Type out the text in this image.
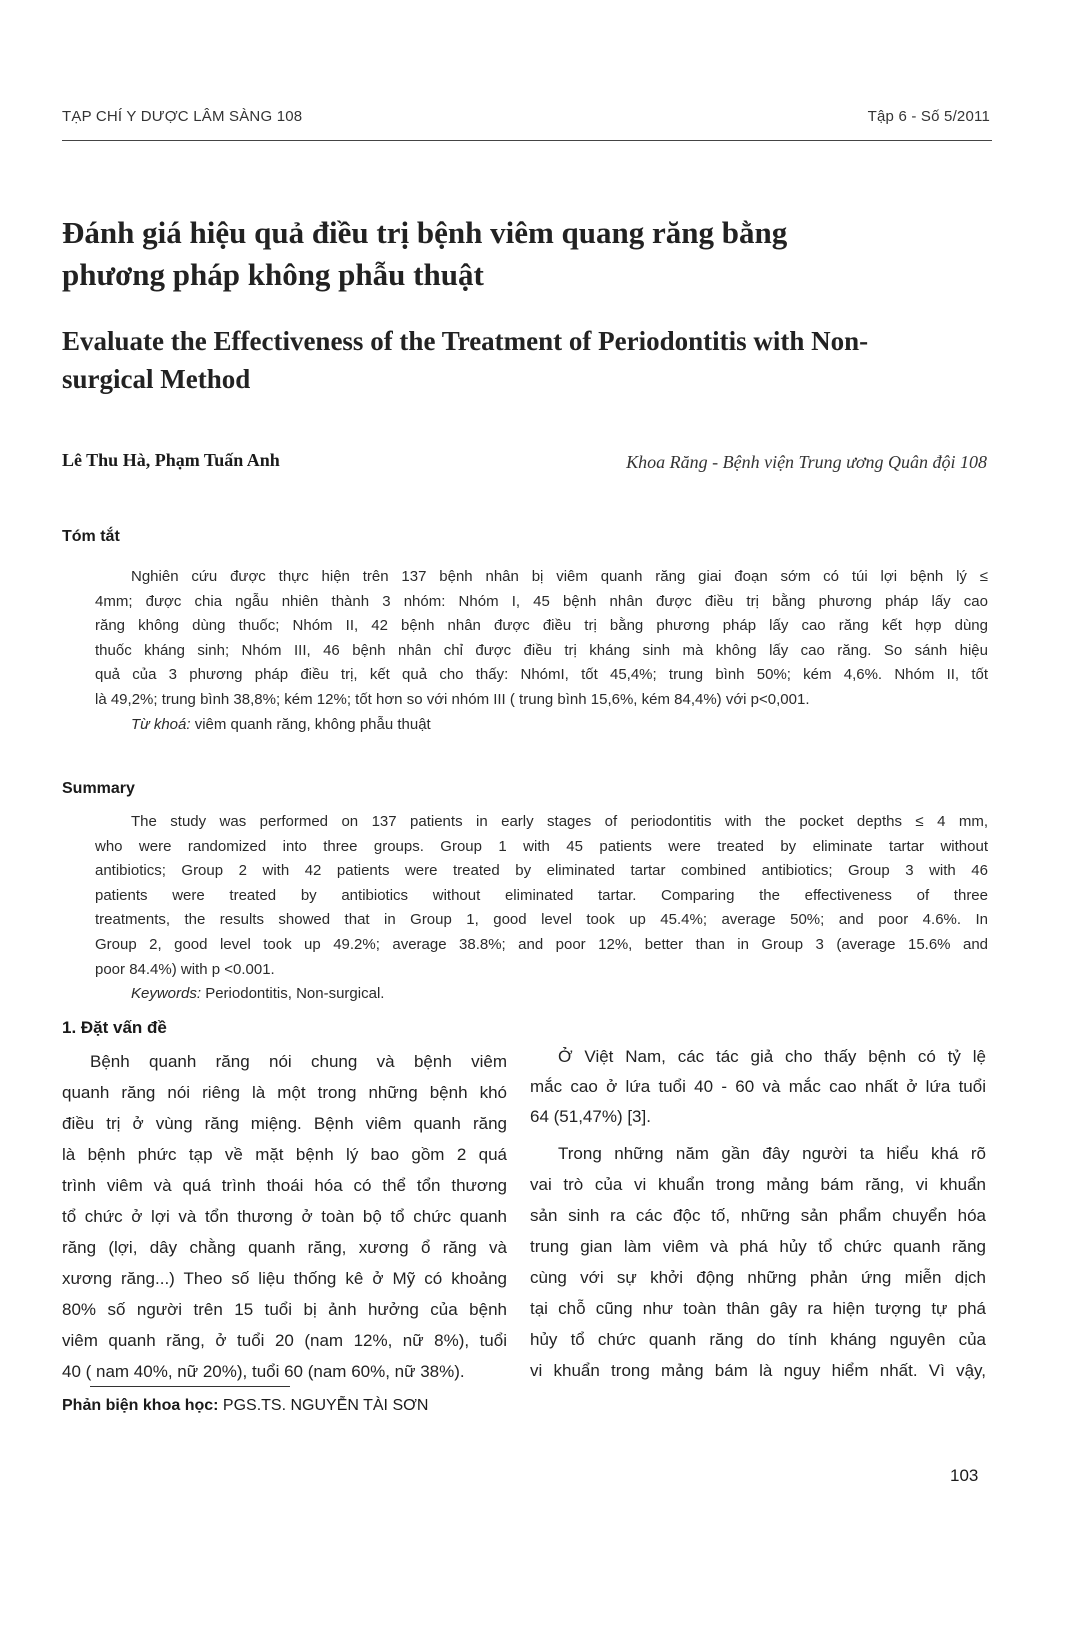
TẠP CHÍ Y DƯỢC LÂM SÀNG 108	Tập 6 - Số 5/2011
Đánh giá hiệu quả điều trị bệnh viêm quang răng bằng
phương pháp không phẫu thuật
Evaluate the Effectiveness of the Treatment of Periodontitis with Non-
surgical Method
Lê Thu Hà, Phạm Tuấn Anh	Khoa Răng - Bệnh viện Trung ương Quân đội 108
Tóm tắt
Nghiên cứu được thực hiện trên 137 bệnh nhân bị viêm quanh răng giai đoạn sớm có túi lợi bệnh lý ≤
4mm; được chia ngẫu nhiên thành 3 nhóm: Nhóm I, 45 bệnh nhân được điều trị bằng phương pháp lấy cao
răng không dùng thuốc; Nhóm II, 42 bệnh nhân được điều trị bằng phương pháp lấy cao răng kết hợp dùng
thuốc kháng sinh; Nhóm III, 46 bệnh nhân chỉ được điều trị kháng sinh mà không lấy cao răng. So sánh hiệu
quả của 3 phương pháp điều trị, kết quả cho thấy: NhómI, tốt 45,4%; trung bình 50%; kém 4,6%. Nhóm II, tốt
là 49,2%; trung bình 38,8%; kém 12%; tốt hơn so với nhóm III ( trung bình 15,6%, kém 84,4%) với p<0,001.
Từ khoá: viêm quanh răng, không phẫu thuật
Summary
The study was performed on 137 patients in early stages of periodontitis with the pocket depths ≤ 4 mm,
who were randomized into three groups. Group 1 with 45 patients were treated by eliminate tartar without
antibiotics; Group 2 with 42 patients were treated by eliminated tartar combined antibiotics; Group 3 with 46
patients were treated by antibiotics without eliminated tartar. Comparing the effectiveness of three
treatments, the results showed that in Group 1, good level took up 45.4%; average 50%; and poor 4.6%. In
Group 2, good level took up 49.2%; average 38.8%; and poor 12%, better than in Group 3 (average 15.6% and
poor 84.4%) with p <0.001.
Keywords: Periodontitis, Non-surgical.
1. Đặt vấn đề
Bệnh quanh răng nói chung và bệnh viêm
quanh răng nói riêng là một trong những bệnh khó
điều trị ở vùng răng miệng. Bệnh viêm quanh răng
là bệnh phức tạp về mặt bệnh lý bao gồm 2 quá
trình viêm và quá trình thoái hóa có thể tổn thương
tổ chức ở lợi và tổn thương ở toàn bộ tổ chức quanh
răng (lợi, dây chằng quanh răng, xương ổ răng và
xương răng...) Theo số liệu thống kê ở Mỹ có khoảng
80% số người trên 15 tuổi bị ảnh hưởng của bệnh
viêm quanh răng, ở tuổi 20 (nam 12%, nữ 8%), tuổi
40 ( nam 40%, nữ 20%), tuổi 60 (nam 60%, nữ 38%).
Ở Việt Nam, các tác giả cho thấy bệnh có tỷ lệ
mắc cao ở lứa tuổi 40 - 60 và mắc cao nhất ở lứa tuổi
64 (51,47%) [3].
Trong những năm gần đây người ta hiểu khá rõ
vai trò của vi khuẩn trong mảng bám răng, vi khuẩn
sản sinh ra các độc tố, những sản phẩm chuyển hóa
trung gian làm viêm và phá hủy tổ chức quanh răng
cùng với sự khởi động những phản ứng miễn dịch
tại chỗ cũng như toàn thân gây ra hiện tượng tự phá
hủy tổ chức quanh răng do tính kháng nguyên của
vi khuẩn trong mảng bám là nguy hiểm nhất. Vì vậy,
Phản biện khoa học: PGS.TS. NGUYỄN TÀI SƠN
103
